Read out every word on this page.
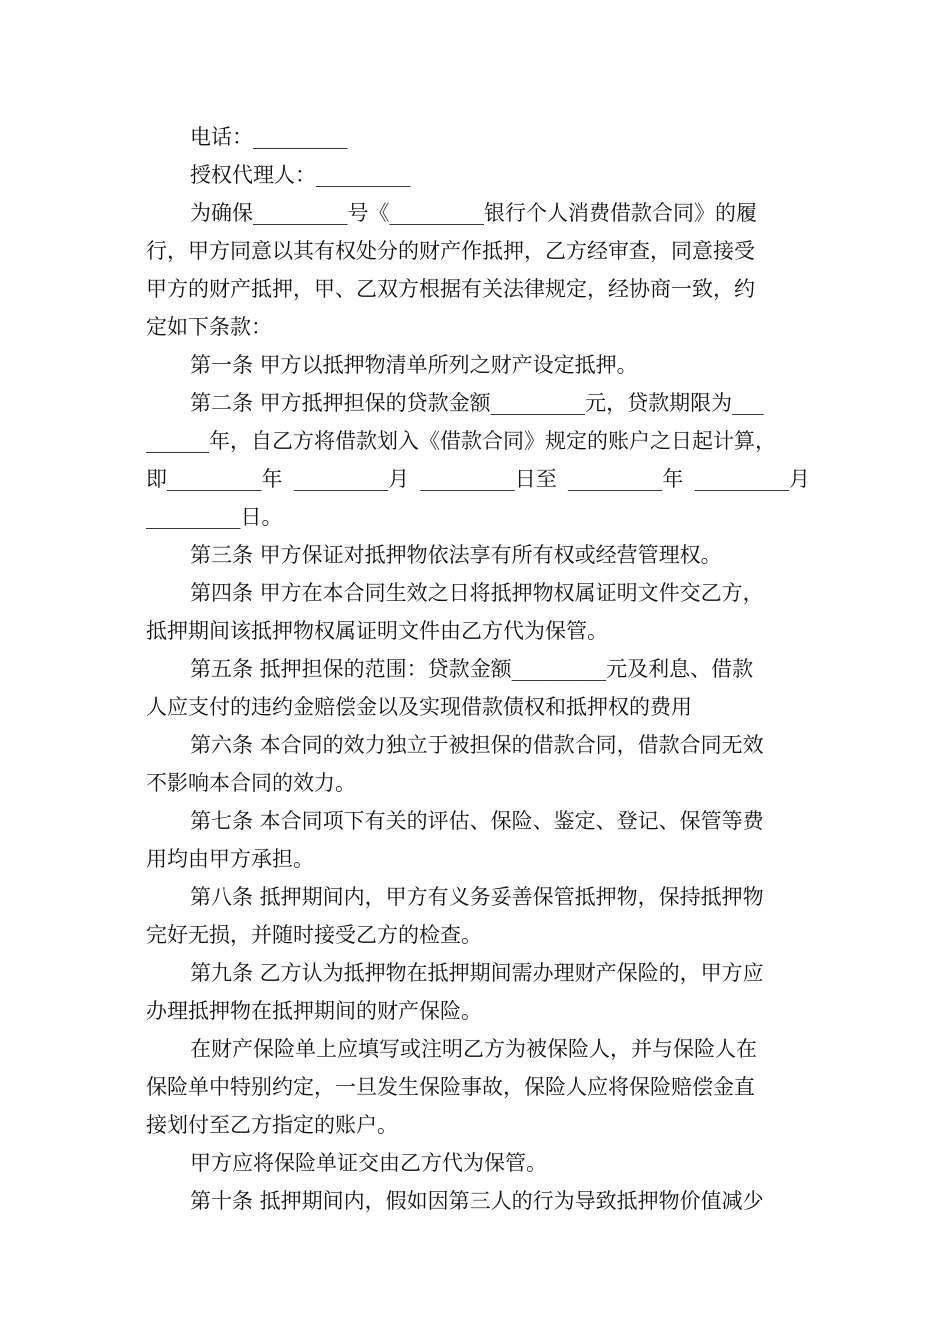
电话：_________
授权代理人：_________
为确保_________号《_________银行个人消费借款合同》的履
行，甲方同意以其有权处分的财产作抵押，乙方经审查，同意接受
甲方的财产抵押，甲、乙双方根据有关法律规定，经协商一致，约
定如下条款：
第一条 甲方以抵押物清单所列之财产设定抵押。
第二条 甲方抵押担保的贷款金额_________元，贷款期限为___
______年，自乙方将借款划入《借款合同》规定的账户之日起计算，
即_________年 _________月 _________日至 _________年 _________月
_________日。
第三条 甲方保证对抵押物依法享有所有权或经营管理权。
第四条 甲方在本合同生效之日将抵押物权属证明文件交乙方，
抵押期间该抵押物权属证明文件由乙方代为保管。
第五条 抵押担保的范围：贷款金额_________元及利息、借款
人应支付的违约金赔偿金以及实现借款债权和抵押权的费用
第六条 本合同的效力独立于被担保的借款合同，借款合同无效
不影响本合同的效力。
第七条 本合同项下有关的评估、保险、鉴定、登记、保管等费
用均由甲方承担。
第八条 抵押期间内，甲方有义务妥善保管抵押物，保持抵押物
完好无损，并随时接受乙方的检查。
第九条 乙方认为抵押物在抵押期间需办理财产保险的，甲方应
办理抵押物在抵押期间的财产保险。
在财产保险单上应填写或注明乙方为被保险人，并与保险人在
保险单中特别约定，一旦发生保险事故，保险人应将保险赔偿金直
接划付至乙方指定的账户。
甲方应将保险单证交由乙方代为保管。
第十条 抵押期间内，假如因第三人的行为导致抵押物价值减少
